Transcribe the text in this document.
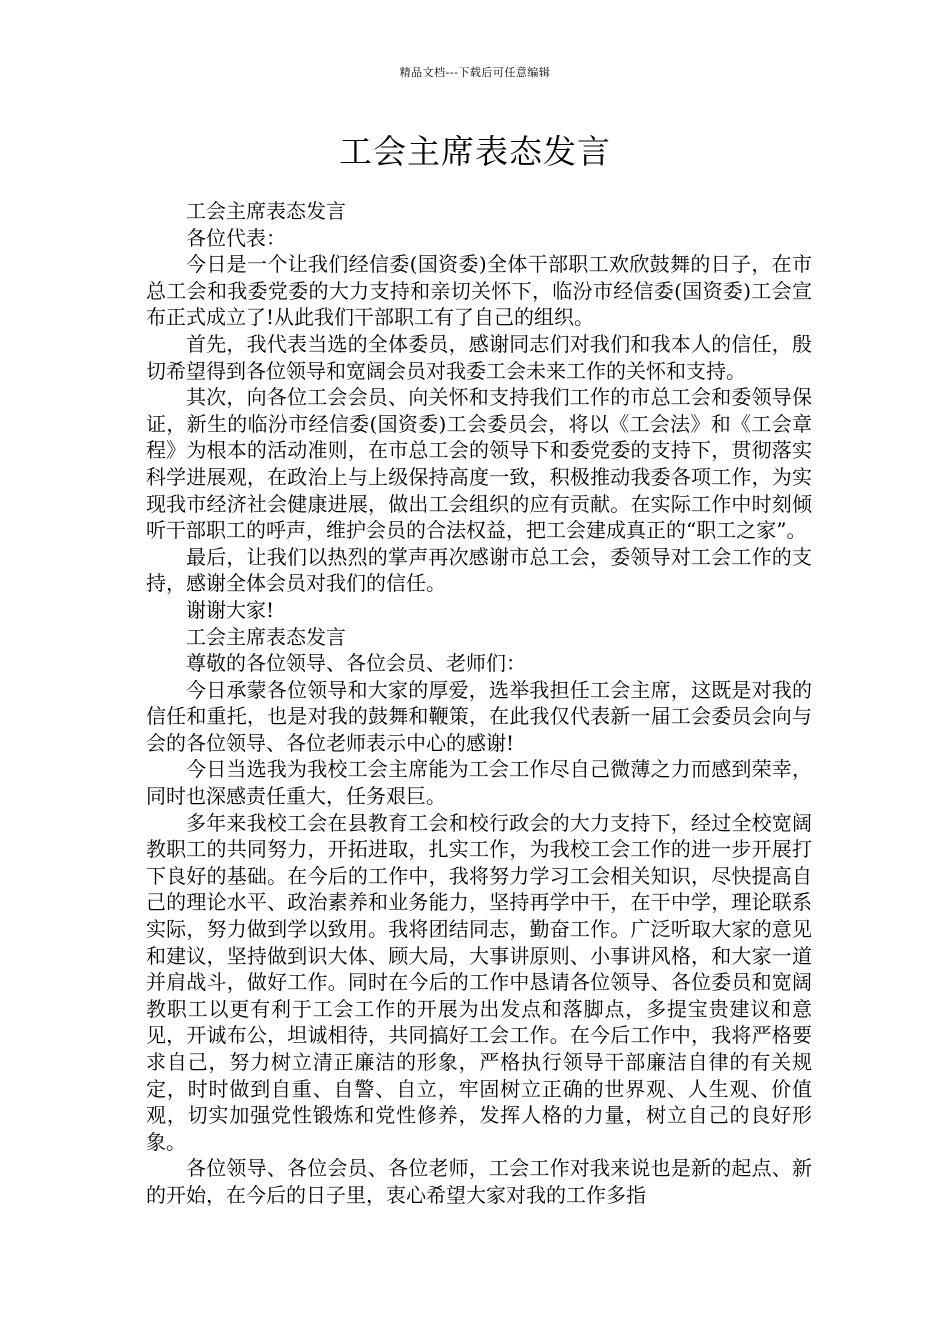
精品文档---下载后可任意编辑
工会主席表态发言

工会主席表态发言

各位代表：

今日是一个让我们经信委(国资委)全体干部职工欢欣鼓舞的日子，在市总工会和我委党委的大力支持和亲切关怀下，临汾市经信委(国资委)工会宣布正式成立了!从此我们干部职工有了自己的组织。

首先，我代表当选的全体委员，感谢同志们对我们和我本人的信任，殷切希望得到各位领导和宽阔会员对我委工会未来工作的关怀和支持。

其次，向各位工会会员、向关怀和支持我们工作的市总工会和委领导保证，新生的临汾市经信委(国资委)工会委员会，将以《工会法》和《工会章程》为根本的活动准则，在市总工会的领导下和委党委的支持下，贯彻落实科学进展观，在政治上与上级保持高度一致，积极推动我委各项工作，为实现我市经济社会健康进展，做出工会组织的应有贡献。在实际工作中时刻倾听干部职工的呼声，维护会员的合法权益，把工会建成真正的“职工之家”。

最后，让我们以热烈的掌声再次感谢市总工会，委领导对工会工作的支持，感谢全体会员对我们的信任。

谢谢大家!

工会主席表态发言

尊敬的各位领导、各位会员、老师们：

今日承蒙各位领导和大家的厚爱，选举我担任工会主席，这既是对我的信任和重托，也是对我的鼓舞和鞭策，在此我仅代表新一届工会委员会向与会的各位领导、各位老师表示中心的感谢!

今日当选我为我校工会主席能为工会工作尽自己微薄之力而感到荣幸，同时也深感责任重大，任务艰巨。

多年来我校工会在县教育工会和校行政会的大力支持下，经过全校宽阔教职工的共同努力，开拓进取，扎实工作，为我校工会工作的进一步开展打下良好的基础。在今后的工作中，我将努力学习工会相关知识，尽快提高自己的理论水平、政治素养和业务能力，坚持再学中干，在干中学，理论联系实际，努力做到学以致用。我将团结同志，勤奋工作。广泛听取大家的意见和建议，坚持做到识大体、顾大局，大事讲原则、小事讲风格，和大家一道并肩战斗，做好工作。同时在今后的工作中恳请各位领导、各位委员和宽阔教职工以更有利于工会工作的开展为出发点和落脚点，多提宝贵建议和意见，开诚布公，坦诚相待，共同搞好工会工作。在今后工作中，我将严格要求自己，努力树立清正廉洁的形象，严格执行领导干部廉洁自律的有关规定，时时做到自重、自警、自立，牢固树立正确的世界观、人生观、价值观，切实加强党性锻炼和党性修养，发挥人格的力量，树立自己的良好形象。

各位领导、各位会员、各位老师，工会工作对我来说也是新的起点、新的开始，在今后的日子里，衷心希望大家对我的工作多指
